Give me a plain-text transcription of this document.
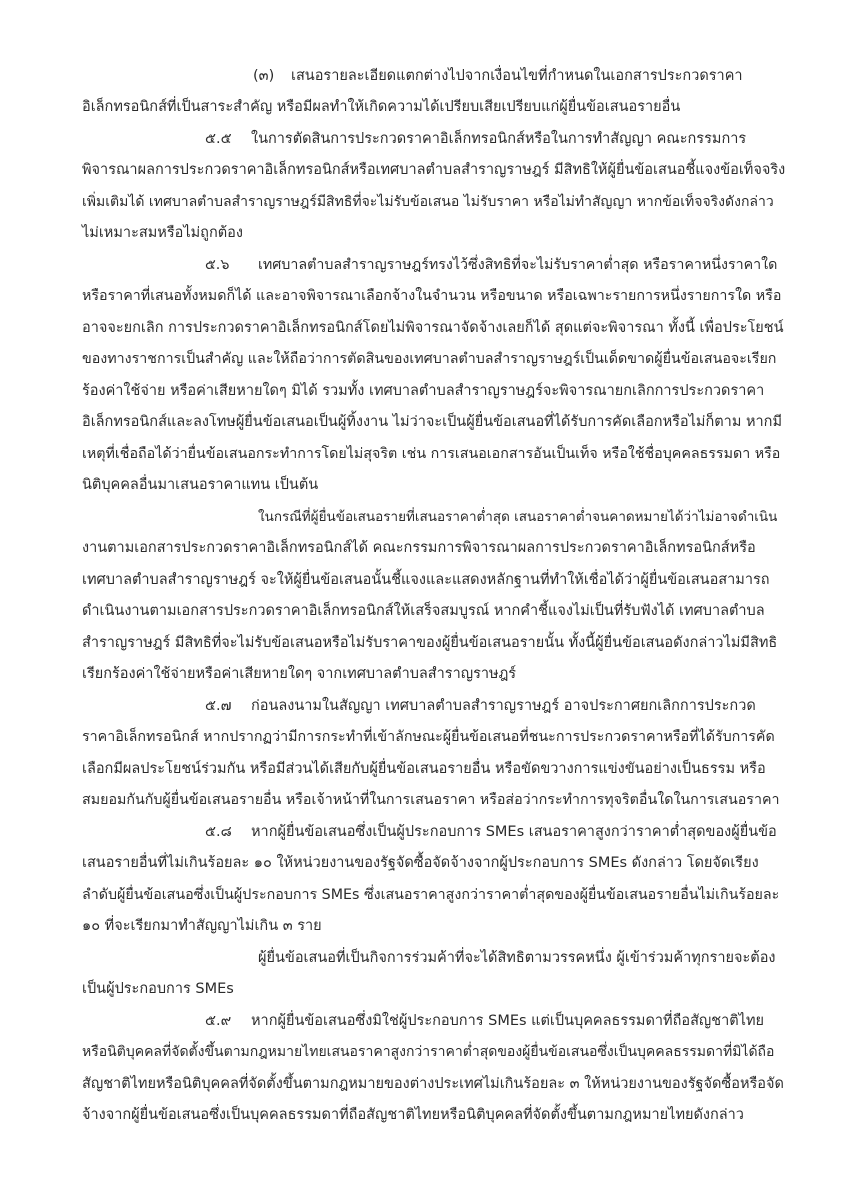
(๓) เสนอรายละเอียดแตกต่างไปจากเงื่อนไขที่กำหนดในเอกสารประกวดราคา
อิเล็กทรอนิกส์ที่เป็นสาระสำคัญ หรือมีผลทำให้เกิดความได้เปรียบเสียเปรียบแก่ผู้ยื่นข้อเสนอรายอื่น
๕.๕ ในการตัดสินการประกวดราคาอิเล็กทรอนิกส์หรือในการทำสัญญา คณะกรรมการ
พิจารณาผลการประกวดราคาอิเล็กทรอนิกส์หรือเทศบาลตำบลสำราญราษฎร์ มีสิทธิให้ผู้ยื่นข้อเสนอชี้แจงข้อเท็จจริง
เพิ่มเติมได้ เทศบาลตำบลสำราญราษฎร์มีสิทธิที่จะไม่รับข้อเสนอ ไม่รับราคา หรือไม่ทำสัญญา หากข้อเท็จจริงดังกล่าว
ไม่เหมาะสมหรือไม่ถูกต้อง
๕.๖ เทศบาลตำบลสำราญราษฎร์ทรงไว้ซึ่งสิทธิที่จะไม่รับราคาต่ำสุด หรือราคาหนึ่งราคาใด
หรือราคาที่เสนอทั้งหมดก็ได้ และอาจพิจารณาเลือกจ้างในจำนวน หรือขนาด หรือเฉพาะรายการหนึ่งรายการใด หรือ
อาจจะยกเลิก การประกวดราคาอิเล็กทรอนิกส์โดยไม่พิจารณาจัดจ้างเลยก็ได้ สุดแต่จะพิจารณา ทั้งนี้ เพื่อประโยชน์
ของทางราชการเป็นสำคัญ และให้ถือว่าการตัดสินของเทศบาลตำบลสำราญราษฎร์เป็นเด็ดขาดผู้ยื่นข้อเสนอจะเรียก
ร้องค่าใช้จ่าย หรือค่าเสียหายใดๆ มิได้ รวมทั้ง เทศบาลตำบลสำราญราษฎร์จะพิจารณายกเลิกการประกวดราคา
อิเล็กทรอนิกส์และลงโทษผู้ยื่นข้อเสนอเป็นผู้ทิ้งงาน ไม่ว่าจะเป็นผู้ยื่นข้อเสนอที่ได้รับการคัดเลือกหรือไม่ก็ตาม หากมี
เหตุที่เชื่อถือได้ว่ายื่นข้อเสนอกระทำการโดยไม่สุจริต เช่น การเสนอเอกสารอันเป็นเท็จ หรือใช้ชื่อบุคคลธรรมดา หรือ
นิติบุคคลอื่นมาเสนอราคาแทน เป็นต้น
ในกรณีที่ผู้ยื่นข้อเสนอรายที่เสนอราคาต่ำสุด เสนอราคาต่ำจนคาดหมายได้ว่าไม่อาจดำเนิน
งานตามเอกสารประกวดราคาอิเล็กทรอนิกส์ได้ คณะกรรมการพิจารณาผลการประกวดราคาอิเล็กทรอนิกส์หรือ
เทศบาลตำบลสำราญราษฎร์ จะให้ผู้ยื่นข้อเสนอนั้นชี้แจงและแสดงหลักฐานที่ทำให้เชื่อได้ว่าผู้ยื่นข้อเสนอสามารถ
ดำเนินงานตามเอกสารประกวดราคาอิเล็กทรอนิกส์ให้เสร็จสมบูรณ์ หากคำชี้แจงไม่เป็นที่รับฟังได้ เทศบาลตำบล
สำราญราษฎร์ มีสิทธิที่จะไม่รับข้อเสนอหรือไม่รับราคาของผู้ยื่นข้อเสนอรายนั้น ทั้งนี้ผู้ยื่นข้อเสนอดังกล่าวไม่มีสิทธิ
เรียกร้องค่าใช้จ่ายหรือค่าเสียหายใดๆ จากเทศบาลตำบลสำราญราษฎร์
๕.๗ ก่อนลงนามในสัญญา เทศบาลตำบลสำราญราษฎร์ อาจประกาศยกเลิกการประกวด
ราคาอิเล็กทรอนิกส์ หากปรากฏว่ามีการกระทำที่เข้าลักษณะผู้ยื่นข้อเสนอที่ชนะการประกวดราคาหรือที่ได้รับการคัด
เลือกมีผลประโยชน์ร่วมกัน หรือมีส่วนได้เสียกับผู้ยื่นข้อเสนอรายอื่น หรือขัดขวางการแข่งขันอย่างเป็นธรรม หรือ
สมยอมกันกับผู้ยื่นข้อเสนอรายอื่น หรือเจ้าหน้าที่ในการเสนอราคา หรือส่อว่ากระทำการทุจริตอื่นใดในการเสนอราคา
๕.๘ หากผู้ยื่นข้อเสนอซึ่งเป็นผู้ประกอบการ SMEs เสนอราคาสูงกว่าราคาต่ำสุดของผู้ยื่นข้อ
เสนอรายอื่นที่ไม่เกินร้อยละ ๑๐ ให้หน่วยงานของรัฐจัดซื้อจัดจ้างจากผู้ประกอบการ SMEs ดังกล่าว โดยจัดเรียง
ลำดับผู้ยื่นข้อเสนอซึ่งเป็นผู้ประกอบการ SMEs ซึ่งเสนอราคาสูงกว่าราคาต่ำสุดของผู้ยื่นข้อเสนอรายอื่นไม่เกินร้อยละ
๑๐ ที่จะเรียกมาทำสัญญาไม่เกิน ๓ ราย
ผู้ยื่นข้อเสนอที่เป็นกิจการร่วมค้าที่จะได้สิทธิตามวรรคหนึ่ง ผู้เข้าร่วมค้าทุกรายจะต้อง
เป็นผู้ประกอบการ SMEs
๕.๙ หากผู้ยื่นข้อเสนอซึ่งมิใช่ผู้ประกอบการ SMEs แต่เป็นบุคคลธรรมดาที่ถือสัญชาติไทย
หรือนิติบุคคลที่จัดตั้งขึ้นตามกฎหมายไทยเสนอราคาสูงกว่าราคาต่ำสุดของผู้ยื่นข้อเสนอซึ่งเป็นบุคคลธรรมดาที่มิได้ถือ
สัญชาติไทยหรือนิติบุคคลที่จัดตั้งขึ้นตามกฎหมายของต่างประเทศไม่เกินร้อยละ ๓ ให้หน่วยงานของรัฐจัดซื้อหรือจัด
จ้างจากผู้ยื่นข้อเสนอซึ่งเป็นบุคคลธรรมดาที่ถือสัญชาติไทยหรือนิติบุคคลที่จัดตั้งขึ้นตามกฎหมายไทยดังกล่าว
